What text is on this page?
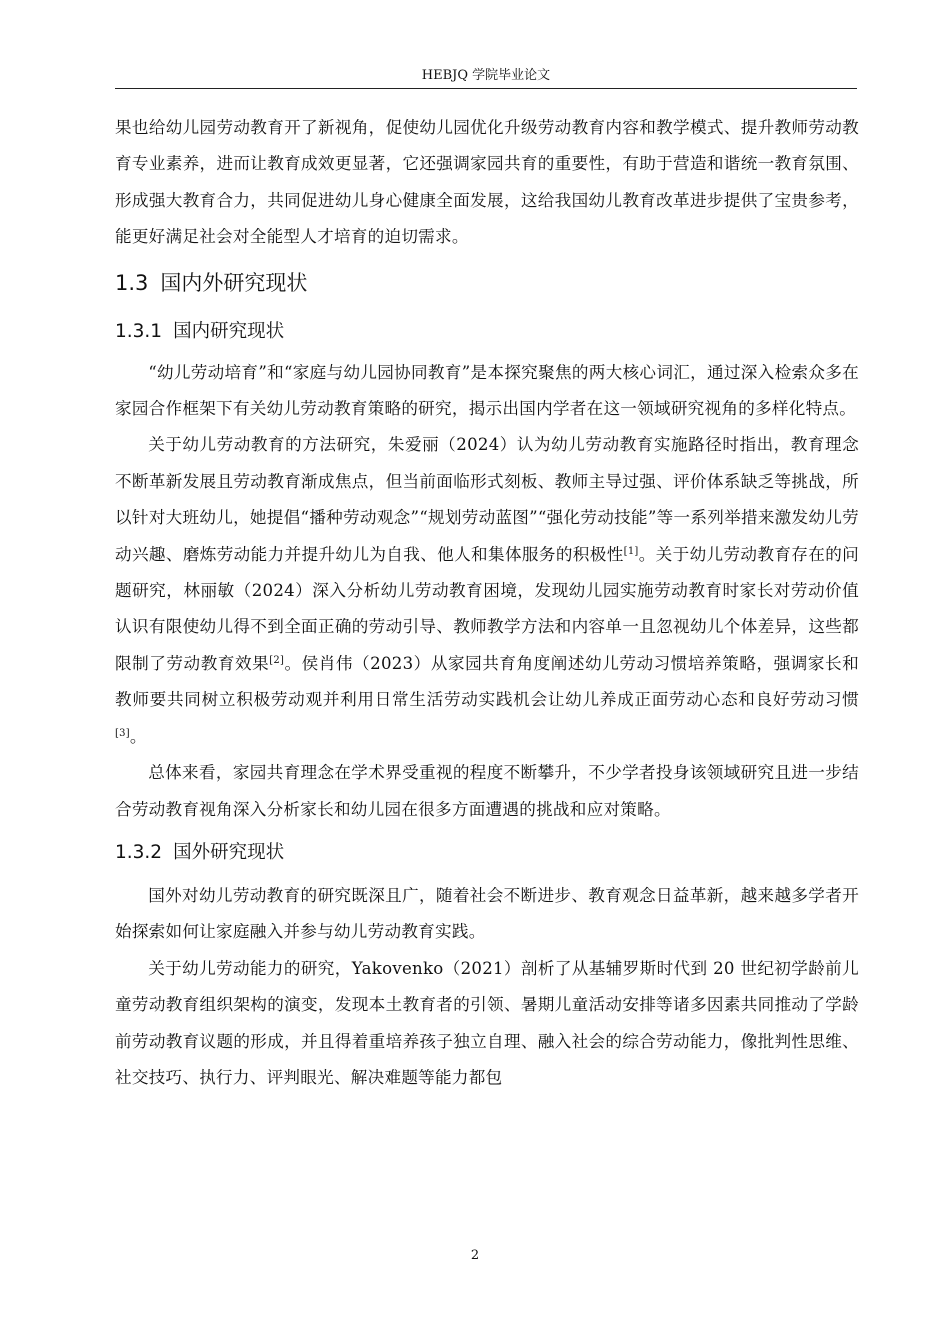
HEBJQ 学院毕业论文

果也给幼儿园劳动教育开了新视角，促使幼儿园优化升级劳动教育内容和教学模式、提升教师劳动教育专业素养，进而让教育成效更显著，它还强调家园共育的重要性，有助于营造和谐统一教育氛围、形成强大教育合力，共同促进幼儿身心健康全面发展，这给我国幼儿教育改革进步提供了宝贵参考，能更好满足社会对全能型人才培育的迫切需求。

1.3 国内外研究现状
1.3.1 国内研究现状

“幼儿劳动培育”和“家庭与幼儿园协同教育”是本探究聚焦的两大核心词汇，通过深入检索众多在家园合作框架下有关幼儿劳动教育策略的研究，揭示出国内学者在这一领域研究视角的多样化特点。

关于幼儿劳动教育的方法研究，朱爱丽（2024）认为幼儿劳动教育实施路径时指出，教育理念不断革新发展且劳动教育渐成焦点，但当前面临形式刻板、教师主导过强、评价体系缺乏等挑战，所以针对大班幼儿，她提倡“播种劳动观念”“规划劳动蓝图”“强化劳动技能”等一系列举措来激发幼儿劳动兴趣、磨炼劳动能力并提升幼儿为自我、他人和集体服务的积极性[1]。关于幼儿劳动教育存在的问题研究，林丽敏（2024）深入分析幼儿劳动教育困境，发现幼儿园实施劳动教育时家长对劳动价值认识有限使幼儿得不到全面正确的劳动引导、教师教学方法和内容单一且忽视幼儿个体差异，这些都限制了劳动教育效果[2]。侯肖伟（2023）从家园共育角度阐述幼儿劳动习惯培养策略，强调家长和教师要共同树立积极劳动观并利用日常生活劳动实践机会让幼儿养成正面劳动心态和良好劳动习惯[3]。

总体来看，家园共育理念在学术界受重视的程度不断攀升，不少学者投身该领域研究且进一步结合劳动教育视角深入分析家长和幼儿园在很多方面遭遇的挑战和应对策略。

1.3.2 国外研究现状

国外对幼儿劳动教育的研究既深且广，随着社会不断进步、教育观念日益革新，越来越多学者开始探索如何让家庭融入并参与幼儿劳动教育实践。

关于幼儿劳动能力的研究，Yakovenko（2021）剖析了从基辅罗斯时代到 20 世纪初学龄前儿童劳动教育组织架构的演变，发现本土教育者的引领、暑期儿童活动安排等诸多因素共同推动了学龄前劳动教育议题的形成，并且得着重培养孩子独立自理、融入社会的综合劳动能力，像批判性思维、社交技巧、执行力、评判眼光、解决难题等能力都包

2
